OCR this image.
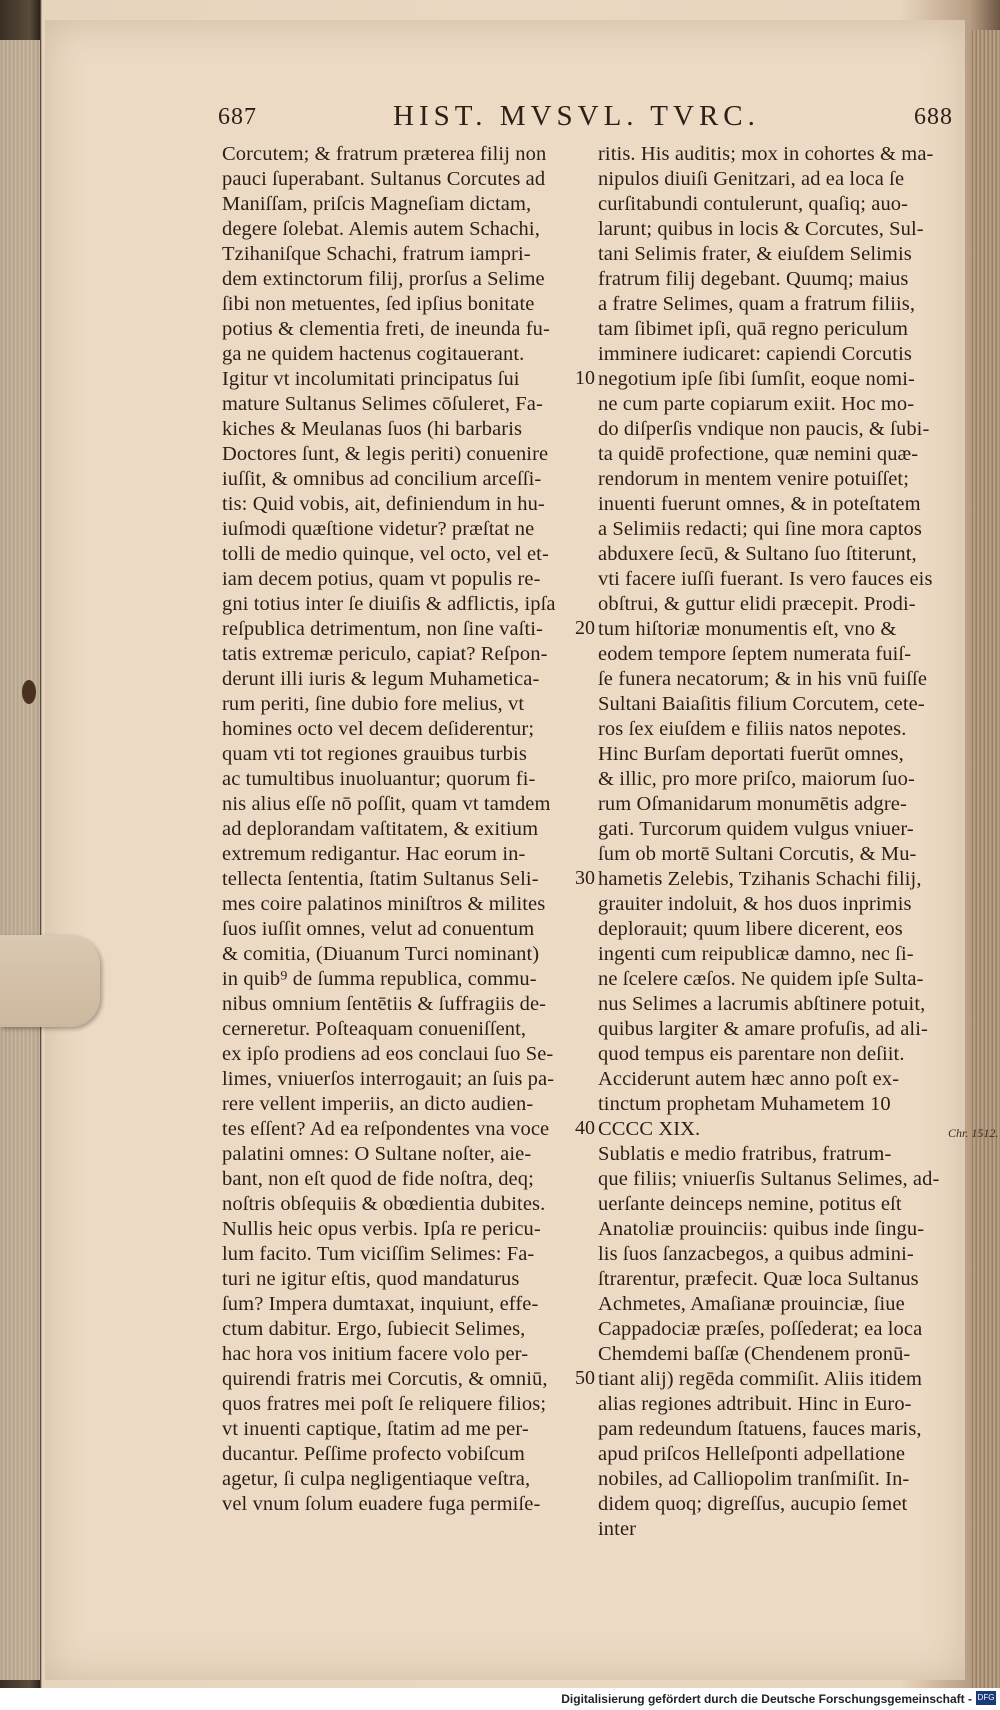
687	HIST. MVSVL. TVRC.	688
Corcutem; & fratrum præterea filij non
pauci ſuperabant. Sultanus Corcutes ad
Maniſſam, priſcis Magneſiam dictam,
degere ſolebat. Alemis autem Schachi,
Tzihaniſque Schachi, fratrum iampri-
dem extinctorum filij, prorſus a Selime
ſibi non metuentes, ſed ipſius bonitate
potius & clementia freti, de ineunda fu-
ga ne quidem hactenus cogitauerant.
Igitur vt incolumitati principatus ſui
mature Sultanus Selimes cōſuleret, Fa-
kiches & Meulanas ſuos (hi barbaris
Doctores ſunt, & legis periti) conuenire
iuſſit, & omnibus ad concilium arceſſi-
tis: Quid vobis, ait, definiendum in hu-
iuſmodi quæſtione videtur? præſtat ne
tolli de medio quinque, vel octo, vel et-
iam decem potius, quam vt populis re-
gni totius inter ſe diuiſis & adflictis, ipſa
reſpublica detrimentum, non ſine vaſti-
tatis extremæ periculo, capiat? Reſpon-
derunt illi iuris & legum Muhametica-
rum periti, ſine dubio fore melius, vt
homines octo vel decem deſiderentur;
quam vti tot regiones grauibus turbis
ac tumultibus inuoluantur; quorum fi-
nis alius eſſe nō poſſit, quam vt tamdem
ad deplorandam vaſtitatem, & exitium
extremum redigantur. Hac eorum in-
tellecta ſententia, ſtatim Sultanus Seli-
mes coire palatinos miniſtros & milites
ſuos iuſſit omnes, velut ad conuentum
& comitia, (Diuanum Turci nominant)
in quib⁹ de ſumma republica, commu-
nibus omnium ſentētiis & ſuffragiis de-
cerneretur. Poſteaquam conueniſſent,
ex ipſo prodiens ad eos conclaui ſuo Se-
limes, vniuerſos interrogauit; an ſuis pa-
rere vellent imperiis, an dicto audien-
tes eſſent? Ad ea reſpondentes vna voce
palatini omnes: O Sultane noſter, aie-
bant, non eſt quod de fide noſtra, deq;
noſtris obſequiis & obœdientia dubites.
Nullis heic opus verbis. Ipſa re pericu-
lum facito. Tum viciſſim Selimes: Fa-
turi ne igitur eſtis, quod mandaturus
ſum? Impera dumtaxat, inquiunt, effe-
ctum dabitur. Ergo, ſubiecit Selimes,
hac hora vos initium facere volo per-
quirendi fratris mei Corcutis, & omniū,
quos fratres mei poſt ſe reliquere filios;
vt inuenti captique, ſtatim ad me per-
ducantur. Peſſime profecto vobiſcum
agetur, ſi culpa negligentiaque veſtra,
vel vnum ſolum euadere fuga permiſe-
ritis. His auditis; mox in cohortes & ma-
nipulos diuiſi Genitzari, ad ea loca ſe
curſitabundi contulerunt, quaſiq; auo-
larunt; quibus in locis & Corcutes, Sul-
tani Selimis frater, & eiuſdem Selimis
fratrum filij degebant. Quumq; maius
a fratre Selimes, quam a fratrum filiis,
tam ſibimet ipſi, quā regno periculum
imminere iudicaret: capiendi Corcutis
negotium ipſe ſibi ſumſit, eoque nomi-
ne cum parte copiarum exiit. Hoc mo-
do diſperſis vndique non paucis, & ſubi-
ta quidē profectione, quæ nemini quæ-
rendorum in mentem venire potuiſſet;
inuenti fuerunt omnes, & in poteſtatem
a Selimiis redacti; qui ſine mora captos
abduxere ſecū, & Sultano ſuo ſtiterunt,
vti facere iuſſi fuerant. Is vero fauces eis
obſtrui, & guttur elidi præcepit. Prodi-
tum hiſtoriæ monumentis eſt, vno &
eodem tempore ſeptem numerata fuiſ-
ſe funera necatorum; & in his vnū fuiſſe
Sultani Baiaſitis filium Corcutem, cete-
ros ſex eiuſdem e filiis natos nepotes.
Hinc Burſam deportati fuerūt omnes,
& illic, pro more priſco, maiorum ſuo-
rum Oſmanidarum monumētis adgre-
gati. Turcorum quidem vulgus vniuer-
ſum ob mortē Sultani Corcutis, & Mu-
hametis Zelebis, Tzihanis Schachi filij,
grauiter indoluit, & hos duos inprimis
deplorauit; quum libere dicerent, eos
ingenti cum reipublicæ damno, nec ſi-
ne ſcelere cæſos. Ne quidem ipſe Sulta-
nus Selimes a lacrumis abſtinere potuit,
quibus largiter & amare profuſis, ad ali-
quod tempus eis parentare non deſiit.
Acciderunt autem hæc anno poſt ex-
tinctum prophetam Muhametem 10
CCCC XIX.
Sublatis e medio fratribus, fratrum-
que filiis; vniuerſis Sultanus Selimes, ad-
uerſante deinceps nemine, potitus eſt
Anatoliæ prouinciis: quibus inde ſingu-
lis ſuos ſanzacbegos, a quibus admini-
ſtrarentur, præfecit. Quæ loca Sultanus
Achmetes, Amaſianæ prouinciæ, ſiue
Cappadociæ præſes, poſſederat; ea loca
Chemdemi baſſæ (Chendenem pronū-
tiant alij) regēda commiſit. Aliis itidem
alias regiones adtribuit. Hinc in Euro-
pam redeundum ſtatuens, fauces maris,
apud priſcos Helleſponti adpellatione
nobiles, ad Calliopolim tranſmiſit. In-
didem quoq; digreſſus, aucupio ſemet
inter
10
20
30
40
50
Chr. 1512.
Digitalisierung gefördert durch die Deutsche Forschungsgemeinschaft - DFG
